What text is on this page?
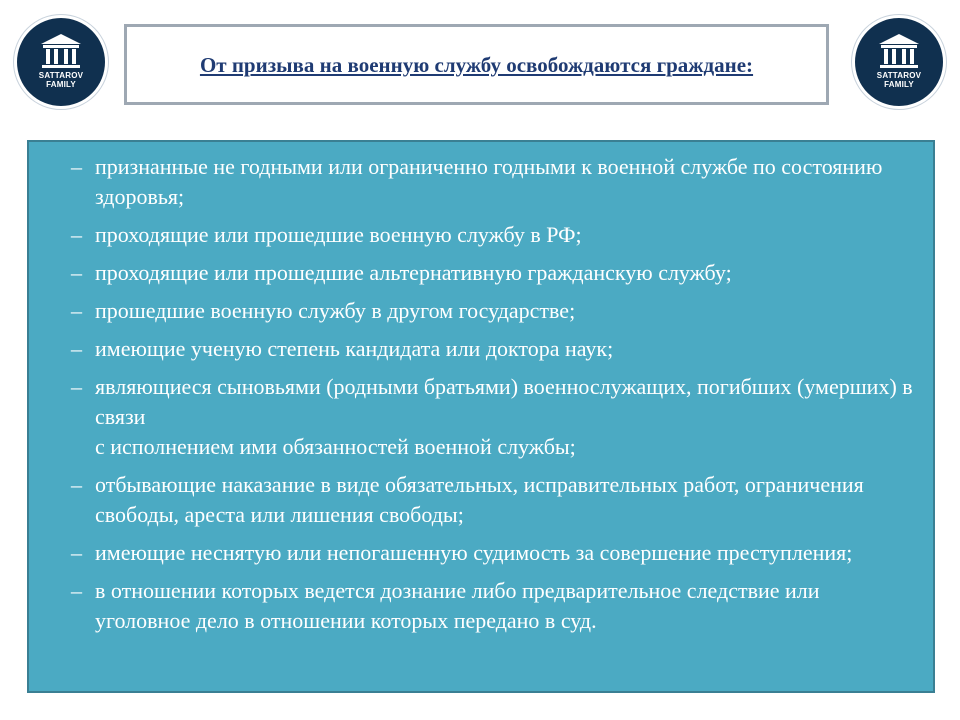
SATTAROV
FAMILY
SATTAROV
FAMILY
От призыва на военную службу освобождаются граждане:
– признанные не годными или ограниченно годными к военной службе по состоянию здоровья;
– проходящие или прошедшие военную службу в РФ;
– проходящие или прошедшие альтернативную гражданскую службу;
– прошедшие военную службу в другом государстве;
– имеющие ученую степень кандидата или доктора наук;
– являющиеся сыновьями (родными братьями) военнослужащих, погибших (умерших) в связи
с исполнением ими обязанностей военной службы;
– отбывающие наказание в виде обязательных, исправительных работ, ограничения свободы, ареста или лишения свободы;
– имеющие неснятую или непогашенную судимость за совершение преступления;
– в отношении которых ведется дознание либо предварительное следствие или уголовное дело в отношении которых передано в суд.
